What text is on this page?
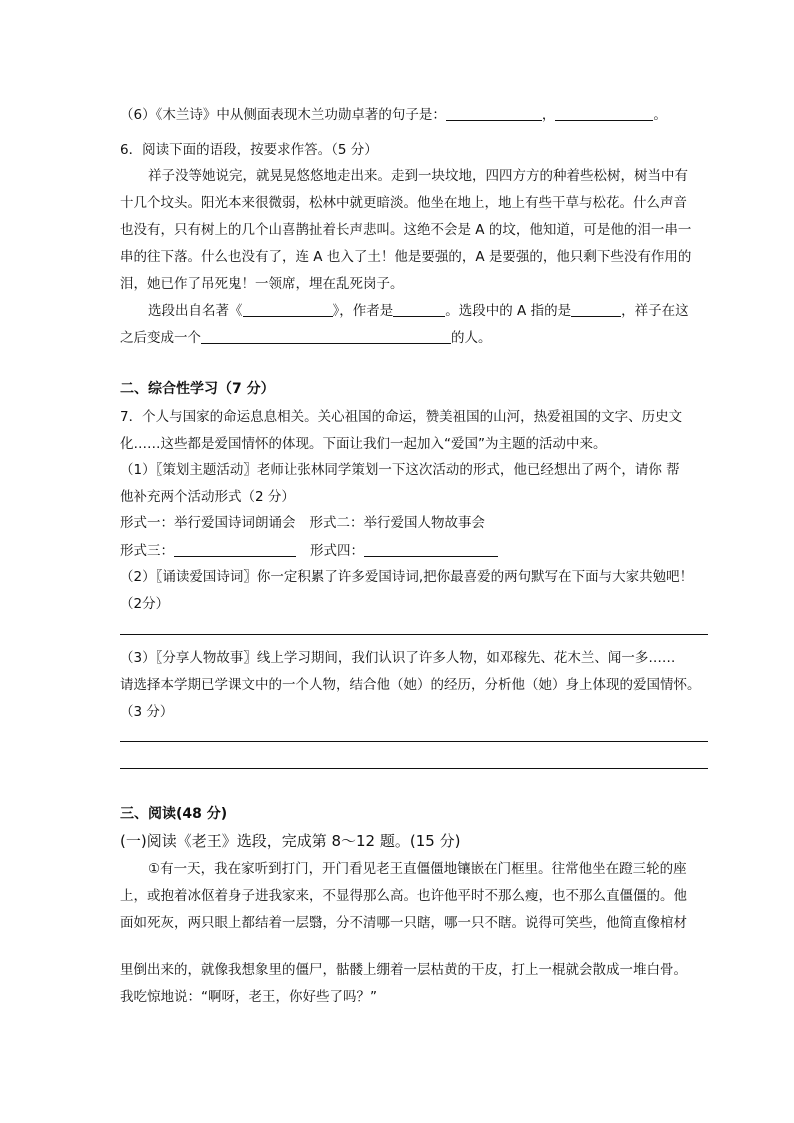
（6）《木兰诗》中从侧面表现木兰功勋卓著的句子是：	，	。
6．阅读下面的语段，按要求作答。（5 分）
祥子没等她说完，就晃晃悠悠地走出来。走到一块坟地，四四方方的种着些松树，树当中有
十几个坟头。阳光本来很微弱，松林中就更暗淡。他坐在地上，地上有些干草与松花。什么声音
也没有，只有树上的几个山喜鹊扯着长声悲叫。这绝不会是 A 的坟，他知道，可是他的泪一串一
串的往下落。什么也没有了，连 A 也入了土！他是要强的，A 是要强的，他只剩下些没有作用的
泪，她已作了吊死鬼！一领席，埋在乱死岗子。
选段出自名著《	》，作者是	。选段中的 A 指的是	，祥子在这
之后变成一个	的人。
二、综合性学习（7 分）
7．个人与国家的命运息息相关。关心祖国的命运，赞美祖国的山河，热爱祖国的文字、历史文
化……这些都是爱国情怀的体现。下面让我们一起加入“爱国”为主题的活动中来。
（1）〖策划主题活动〗老师让张林同学策划一下这次活动的形式，他已经想出了两个，请你 帮
他补充两个活动形式（2 分）
形式一：举行爱国诗词朗诵会 形式二：举行爱国人物故事会
形式三：	形式四：
（2）〖诵读爱国诗词〗你一定积累了许多爱国诗词,把你最喜爱的两句默写在下面与大家共勉吧！
（2分）
（3）〖分享人物故事〗线上学习期间，我们认识了许多人物，如邓稼先、花木兰、闻一多……
请选择本学期已学课文中的一个人物，结合他（她）的经历，分析他（她）身上体现的爱国情怀。
（3 分）
三、阅读(48 分)
(一)阅读《老王》选段，完成第 8～12 题。(15 分)
①有一天，我在家听到打门，开门看见老王直僵僵地镶嵌在门框里。往常他坐在蹬三轮的座
上，或抱着冰伛着身子进我家来，不显得那么高。也许他平时不那么瘦，也不那么直僵僵的。他
面如死灰，两只眼上都结着一层翳，分不清哪一只瞎，哪一只不瞎。说得可笑些，他简直像棺材
里倒出来的，就像我想象里的僵尸，骷髅上绷着一层枯黄的干皮，打上一棍就会散成一堆白骨。
我吃惊地说：“啊呀，老王，你好些了吗？”
